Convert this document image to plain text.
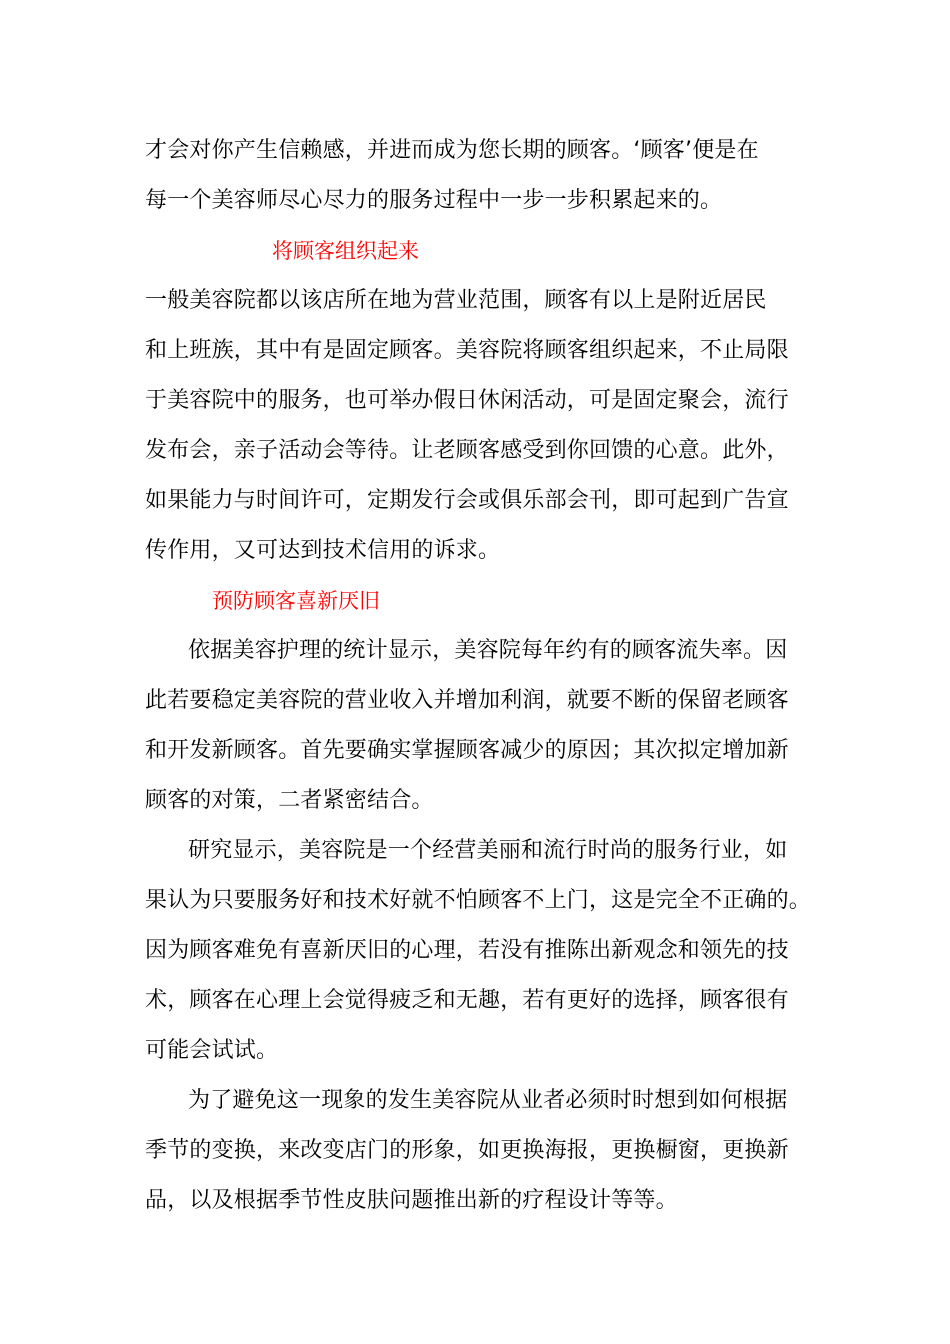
才会对你产生信赖感，并进而成为您长期的顾客。‘顾客’便是在
每一个美容师尽心尽力的服务过程中一步一步积累起来的。
将顾客组织起来
一般美容院都以该店所在地为营业范围，顾客有以上是附近居民
和上班族，其中有是固定顾客。美容院将顾客组织起来，不止局限
于美容院中的服务，也可举办假日休闲活动，可是固定聚会，流行
发布会，亲子活动会等待。让老顾客感受到你回馈的心意。此外，
如果能力与时间许可，定期发行会或俱乐部会刊，即可起到广告宣
传作用，又可达到技术信用的诉求。
预防顾客喜新厌旧
依据美容护理的统计显示，美容院每年约有的顾客流失率。因
此若要稳定美容院的营业收入并增加利润，就要不断的保留老顾客
和开发新顾客。首先要确实掌握顾客减少的原因；其次拟定增加新
顾客的对策，二者紧密结合。
研究显示，美容院是一个经营美丽和流行时尚的服务行业，如
果认为只要服务好和技术好就不怕顾客不上门，这是完全不正确的。
因为顾客难免有喜新厌旧的心理，若没有推陈出新观念和领先的技
术，顾客在心理上会觉得疲乏和无趣，若有更好的选择，顾客很有
可能会试试。
为了避免这一现象的发生美容院从业者必须时时想到如何根据
季节的变换，来改变店门的形象，如更换海报，更换橱窗，更换新
品，以及根据季节性皮肤问题推出新的疗程设计等等。
